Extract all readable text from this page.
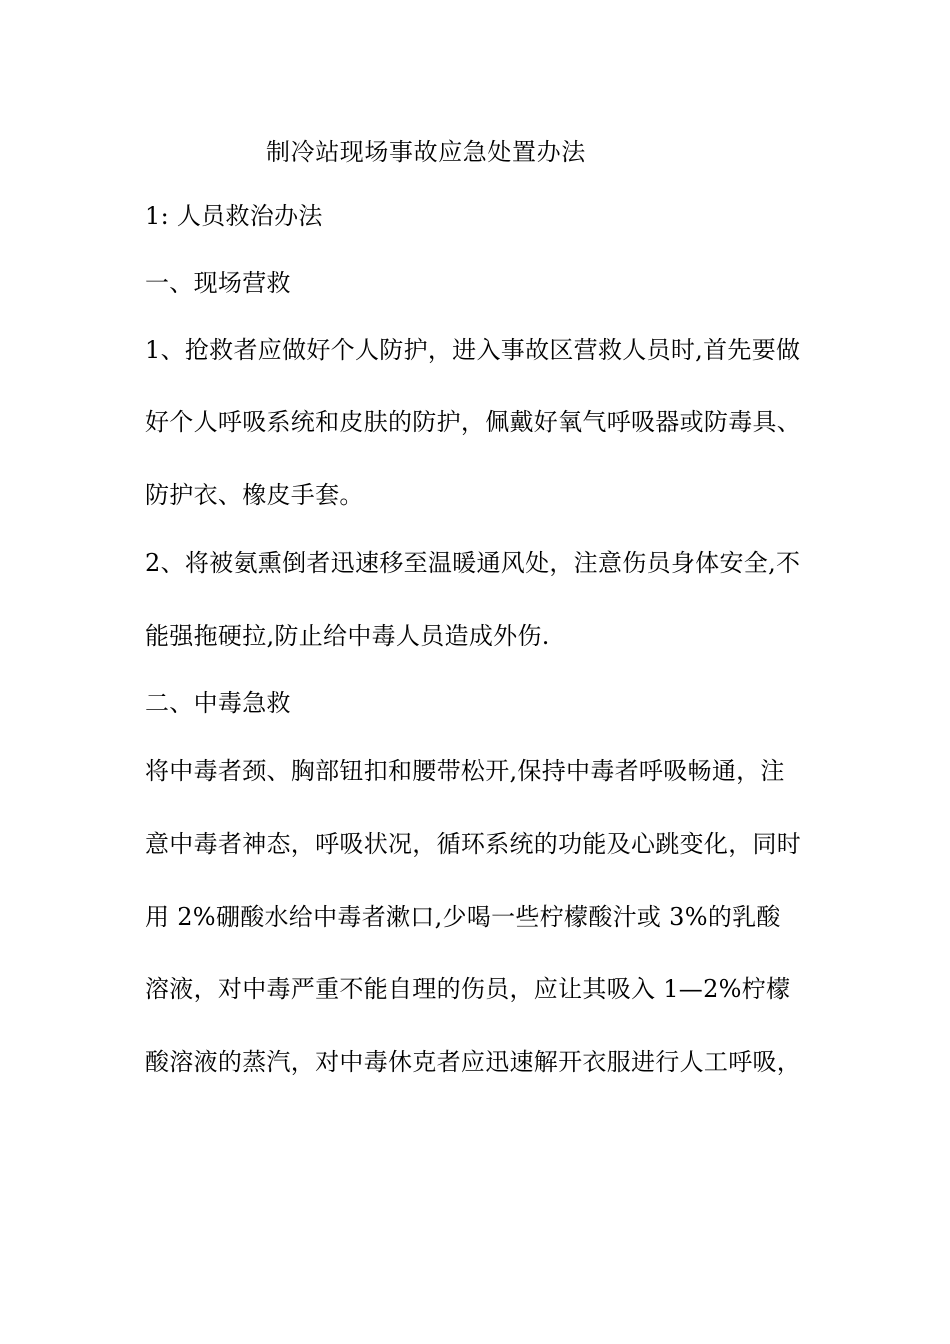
制冷站现场事故应急处置办法
1: 人员救治办法
一、现场营救
1、抢救者应做好个人防护，进入事故区营救人员时,首先要做
好个人呼吸系统和皮肤的防护，佩戴好氧气呼吸器或防毒具、
防护衣、橡皮手套。
2、将被氨熏倒者迅速移至温暖通风处，注意伤员身体安全,不
能强拖硬拉,防止给中毒人员造成外伤.
二、中毒急救
将中毒者颈、胸部钮扣和腰带松开,保持中毒者呼吸畅通，注
意中毒者神态，呼吸状况，循环系统的功能及心跳变化，同时
用 2%硼酸水给中毒者漱口,少喝一些柠檬酸汁或 3%的乳酸
溶液，对中毒严重不能自理的伤员，应让其吸入 1—2%柠檬
酸溶液的蒸汽，对中毒休克者应迅速解开衣服进行人工呼吸，
